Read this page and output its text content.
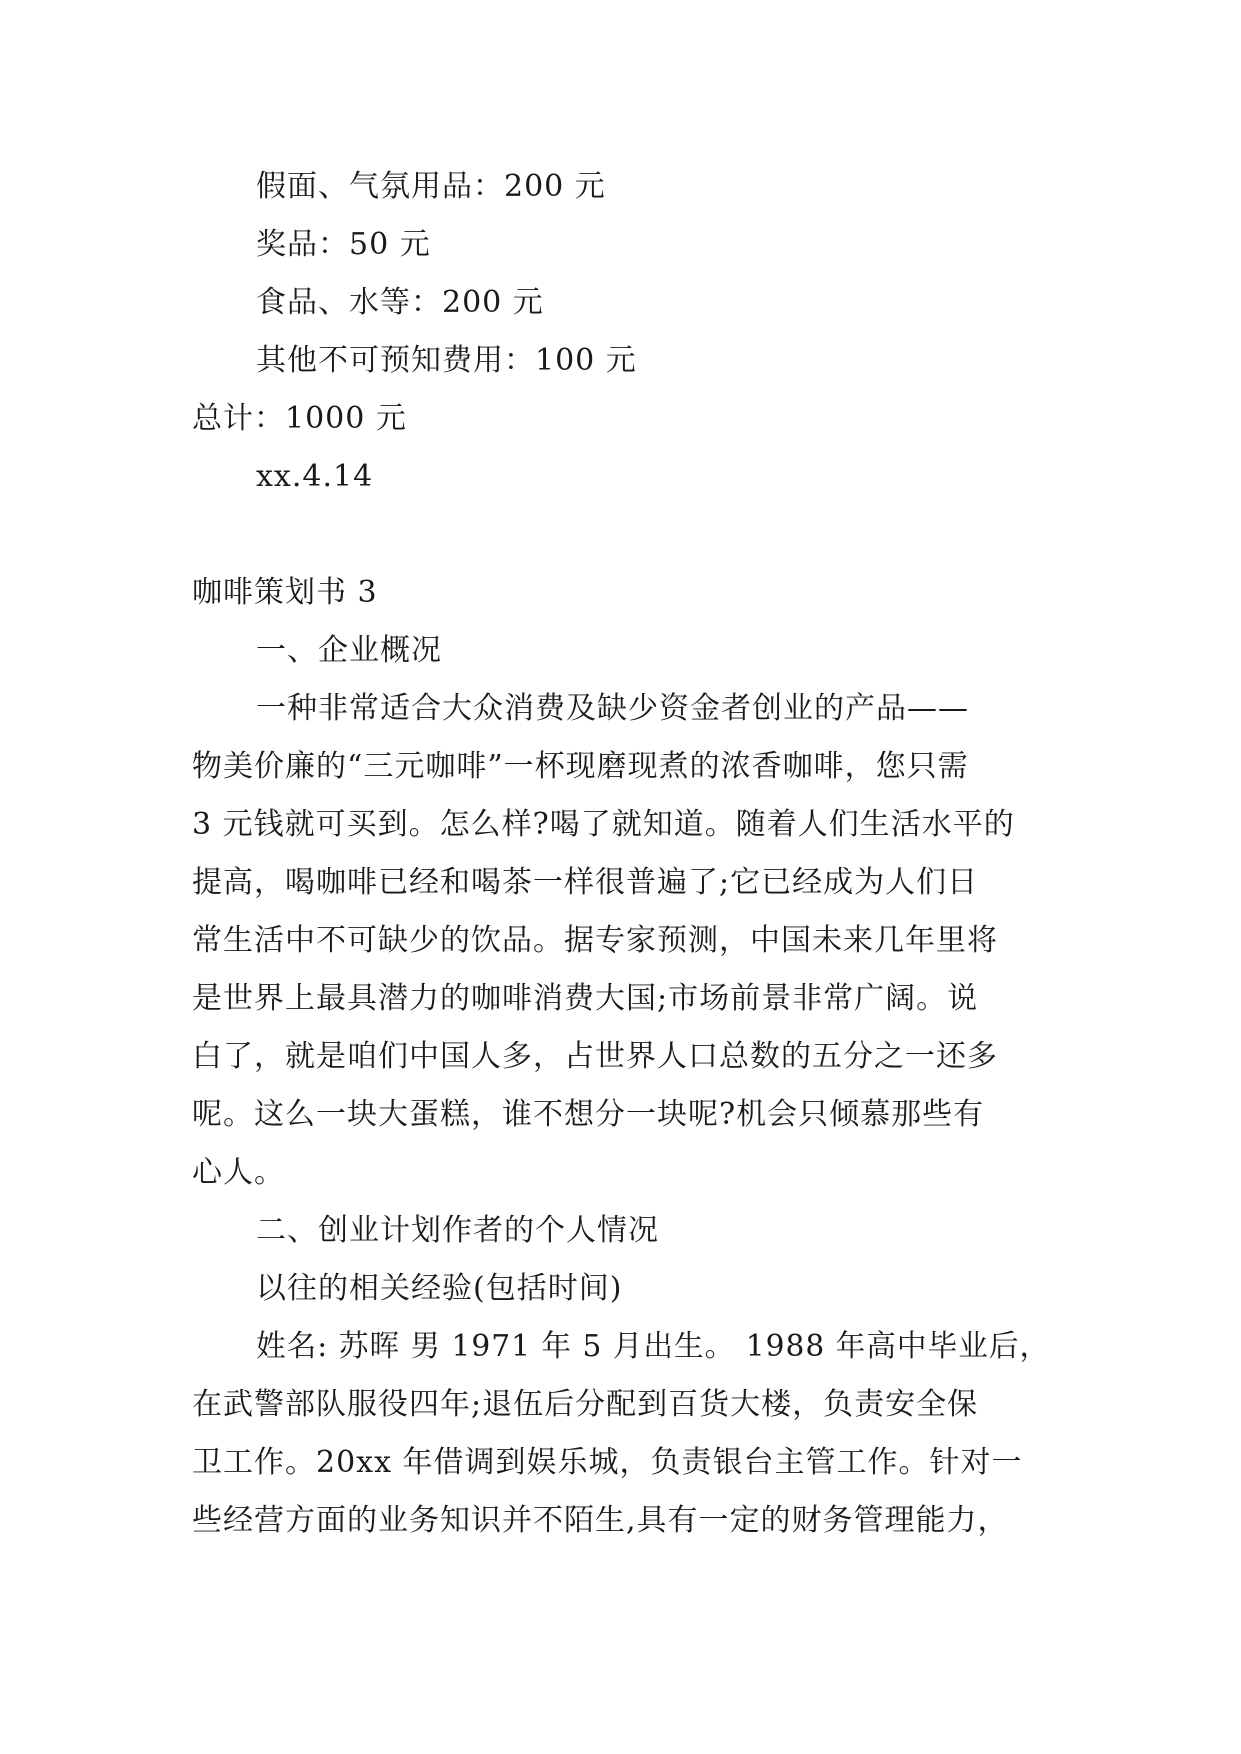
假面、气氛用品：200 元
奖品：50 元
食品、水等：200 元
其他不可预知费用：100 元
总计：1000 元
xx.4.14
咖啡策划书 3
一、企业概况
一种非常适合大众消费及缺少资金者创业的产品——
物美价廉的“三元咖啡”一杯现磨现煮的浓香咖啡，您只需
3 元钱就可买到。怎么样?喝了就知道。随着人们生活水平的
提高，喝咖啡已经和喝茶一样很普遍了;它已经成为人们日
常生活中不可缺少的饮品。据专家预测，中国未来几年里将
是世界上最具潜力的咖啡消费大国;市场前景非常广阔。说
白了，就是咱们中国人多，占世界人口总数的五分之一还多
呢。这么一块大蛋糕，谁不想分一块呢?机会只倾慕那些有
心人。
二、创业计划作者的个人情况
以往的相关经验(包括时间)
姓名: 苏晖 男 1971 年 5 月出生。 1988 年高中毕业后，
在武警部队服役四年;退伍后分配到百货大楼，负责安全保
卫工作。20xx 年借调到娱乐城，负责银台主管工作。针对一
些经营方面的业务知识并不陌生,具有一定的财务管理能力，
